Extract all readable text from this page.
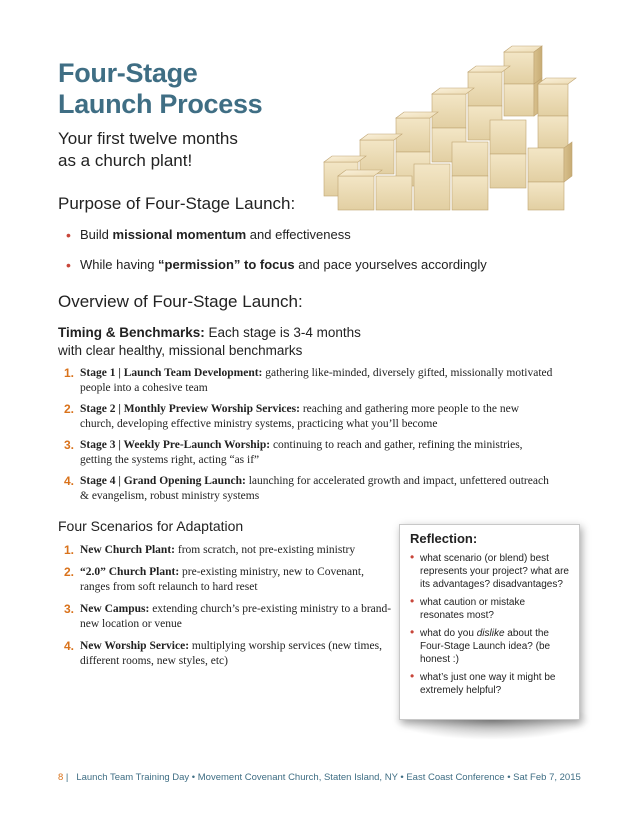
Four-Stage
Launch Process
Your first twelve months
as a church plant!
Purpose of Four-Stage Launch:
• Build missional momentum and effectiveness
• While having “permission” to focus and pace yourselves accordingly
Overview of Four-Stage Launch:
Timing & Benchmarks: Each stage is 3-4 months with clear healthy, missional benchmarks
1. Stage 1 | Launch Team Development: gathering like-minded, diversely gifted, missionally motivated people into a cohesive team
2. Stage 2 | Monthly Preview Worship Services: reaching and gathering more people to the new church, developing effective ministry systems, practicing what you’ll become
3. Stage 3 | Weekly Pre-Launch Worship: continuing to reach and gather, refining the ministries, getting the systems right, acting “as if”
4. Stage 4 | Grand Opening Launch: launching for accelerated growth and impact, unfettered outreach & evangelism, robust ministry systems
Four Scenarios for Adaptation
1. New Church Plant: from scratch, not pre-existing ministry
2. “2.0” Church Plant: pre-existing ministry, new to Covenant, ranges from soft relaunch to hard reset
3. New Campus: extending church’s pre-existing ministry to a brand-new location or venue
4. New Worship Service: multiplying worship services (new times, different rooms, new styles, etc)
Reflection:
• what scenario (or blend) best represents your project? what are its advantages? disadvantages?
• what caution or mistake resonates most?
• what do you dislike about the Four-Stage Launch idea? (be honest :)
• what’s just one way it might be extremely helpful?
8 | Launch Team Training Day • Movement Covenant Church, Staten Island, NY • East Coast Conference • Sat Feb 7, 2015
